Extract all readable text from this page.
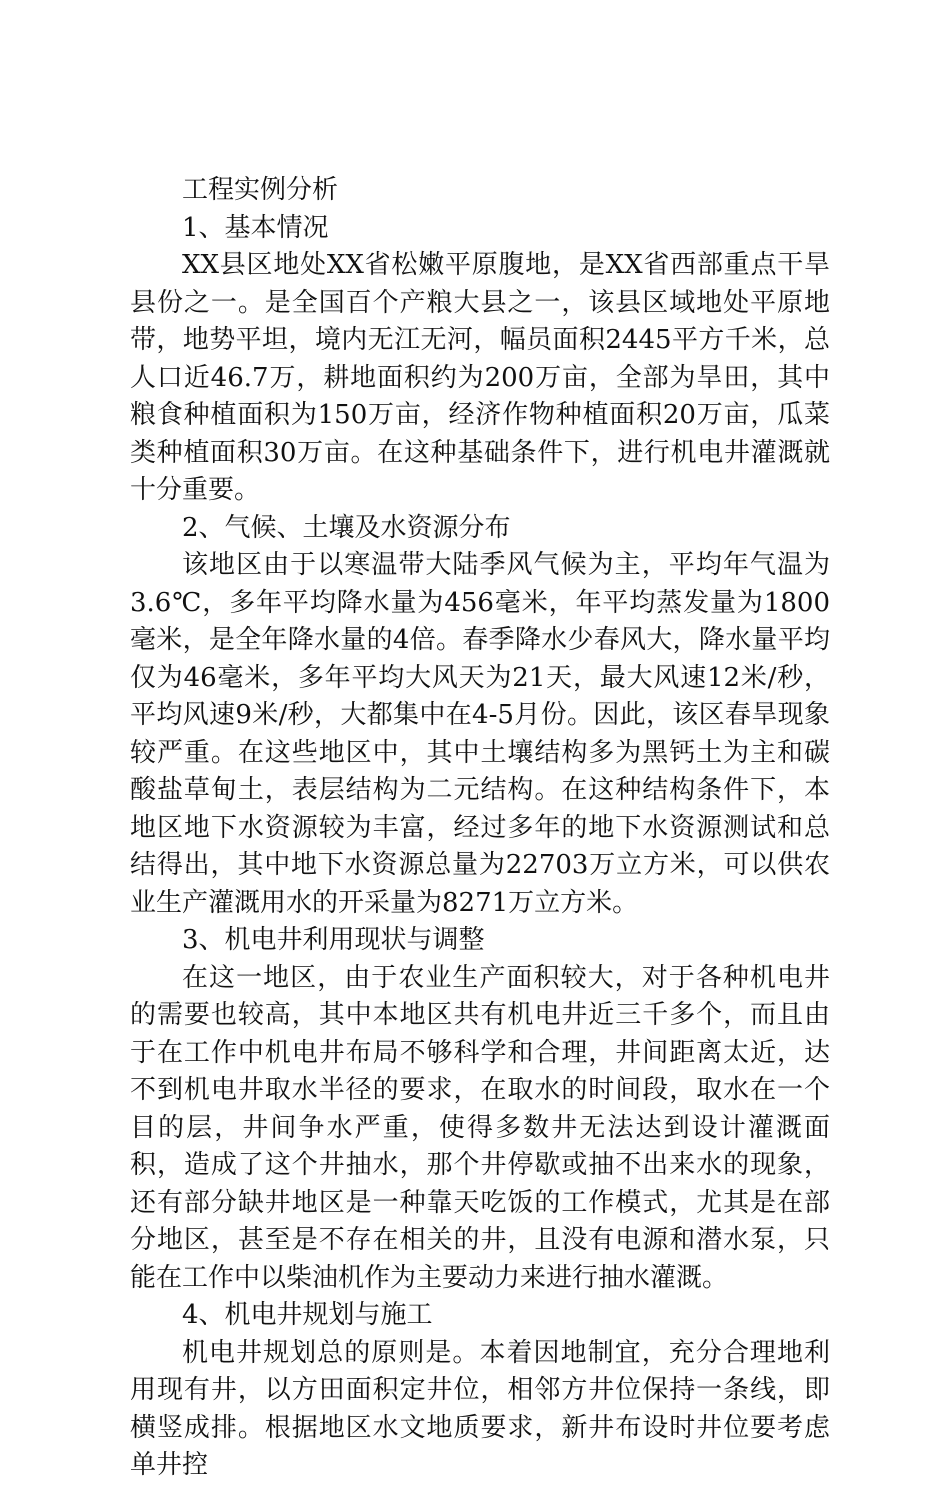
工程实例分析

1、基本情况

XX县区地处XX省松嫩平原腹地，是XX省西部重点干旱县份之一。是全国百个产粮大县之一，该县区域地处平原地带，地势平坦，境内无江无河，幅员面积2445平方千米，总人口近46.7万，耕地面积约为200万亩，全部为旱田，其中粮食种植面积为150万亩，经济作物种植面积20万亩，瓜菜类种植面积30万亩。在这种基础条件下，进行机电井灌溉就十分重要。

2、气候、土壤及水资源分布

该地区由于以寒温带大陆季风气候为主，平均年气温为3.6℃，多年平均降水量为456毫米，年平均蒸发量为1800毫米，是全年降水量的4倍。春季降水少春风大，降水量平均仅为46毫米，多年平均大风天为21天，最大风速12米/秒，平均风速9米/秒，大都集中在4-5月份。因此，该区春旱现象较严重。在这些地区中，其中土壤结构多为黑钙土为主和碳酸盐草甸土，表层结构为二元结构。在这种结构条件下，本地区地下水资源较为丰富，经过多年的地下水资源测试和总结得出，其中地下水资源总量为22703万立方米，可以供农业生产灌溉用水的开采量为8271万立方米。

3、机电井利用现状与调整

在这一地区，由于农业生产面积较大，对于各种机电井的需要也较高，其中本地区共有机电井近三千多个，而且由于在工作中机电井布局不够科学和合理，井间距离太近，达不到机电井取水半径的要求，在取水的时间段，取水在一个目的层，井间争水严重，使得多数井无法达到设计灌溉面积，造成了这个井抽水，那个井停歇或抽不出来水的现象，还有部分缺井地区是一种靠天吃饭的工作模式，尤其是在部分地区，甚至是不存在相关的井，且没有电源和潜水泵，只能在工作中以柴油机作为主要动力来进行抽水灌溉。

4、机电井规划与施工

机电井规划总的原则是。本着因地制宜，充分合理地利用现有井，以方田面积定井位，相邻方井位保持一条线，即横竖成排。根据地区水文地质要求，新井布设时井位要考虑单井控
